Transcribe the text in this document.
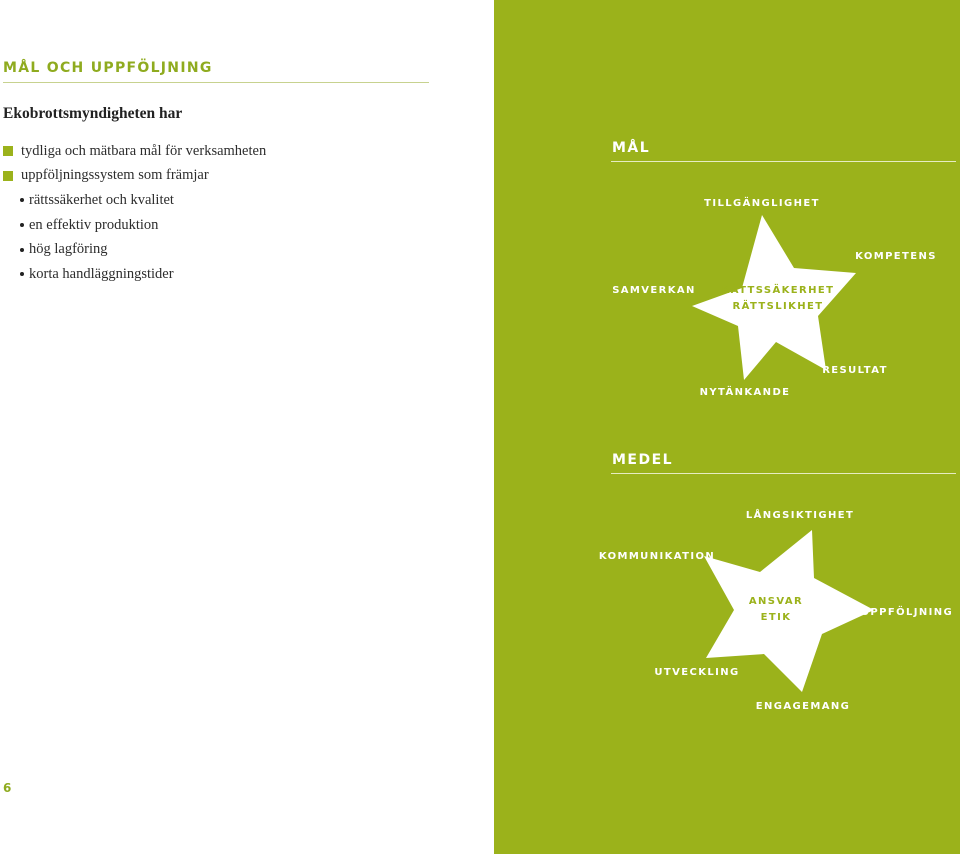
MÅL OCH UPPFÖLJNING
Ekobrottsmyndigheten har
tydliga och mätbara mål för verksamheten
uppföljningssystem som främjar
rättssäkerhet och kvalitet
en effektiv produktion
hög lagföring
korta handläggningstider
6
MÅL
TILLGÄNGLIGHET
KOMPETENS
SAMVERKAN	RÄTTSSÄKERHET
RÄTTSLIKHET
RESULTAT
NYTÄNKANDE
MEDEL
LÅNGSIKTIGHET
KOMMUNIKATION
ANSVAR
ETIK	UPPFÖLJNING
UTVECKLING
ENGAGEMANG
